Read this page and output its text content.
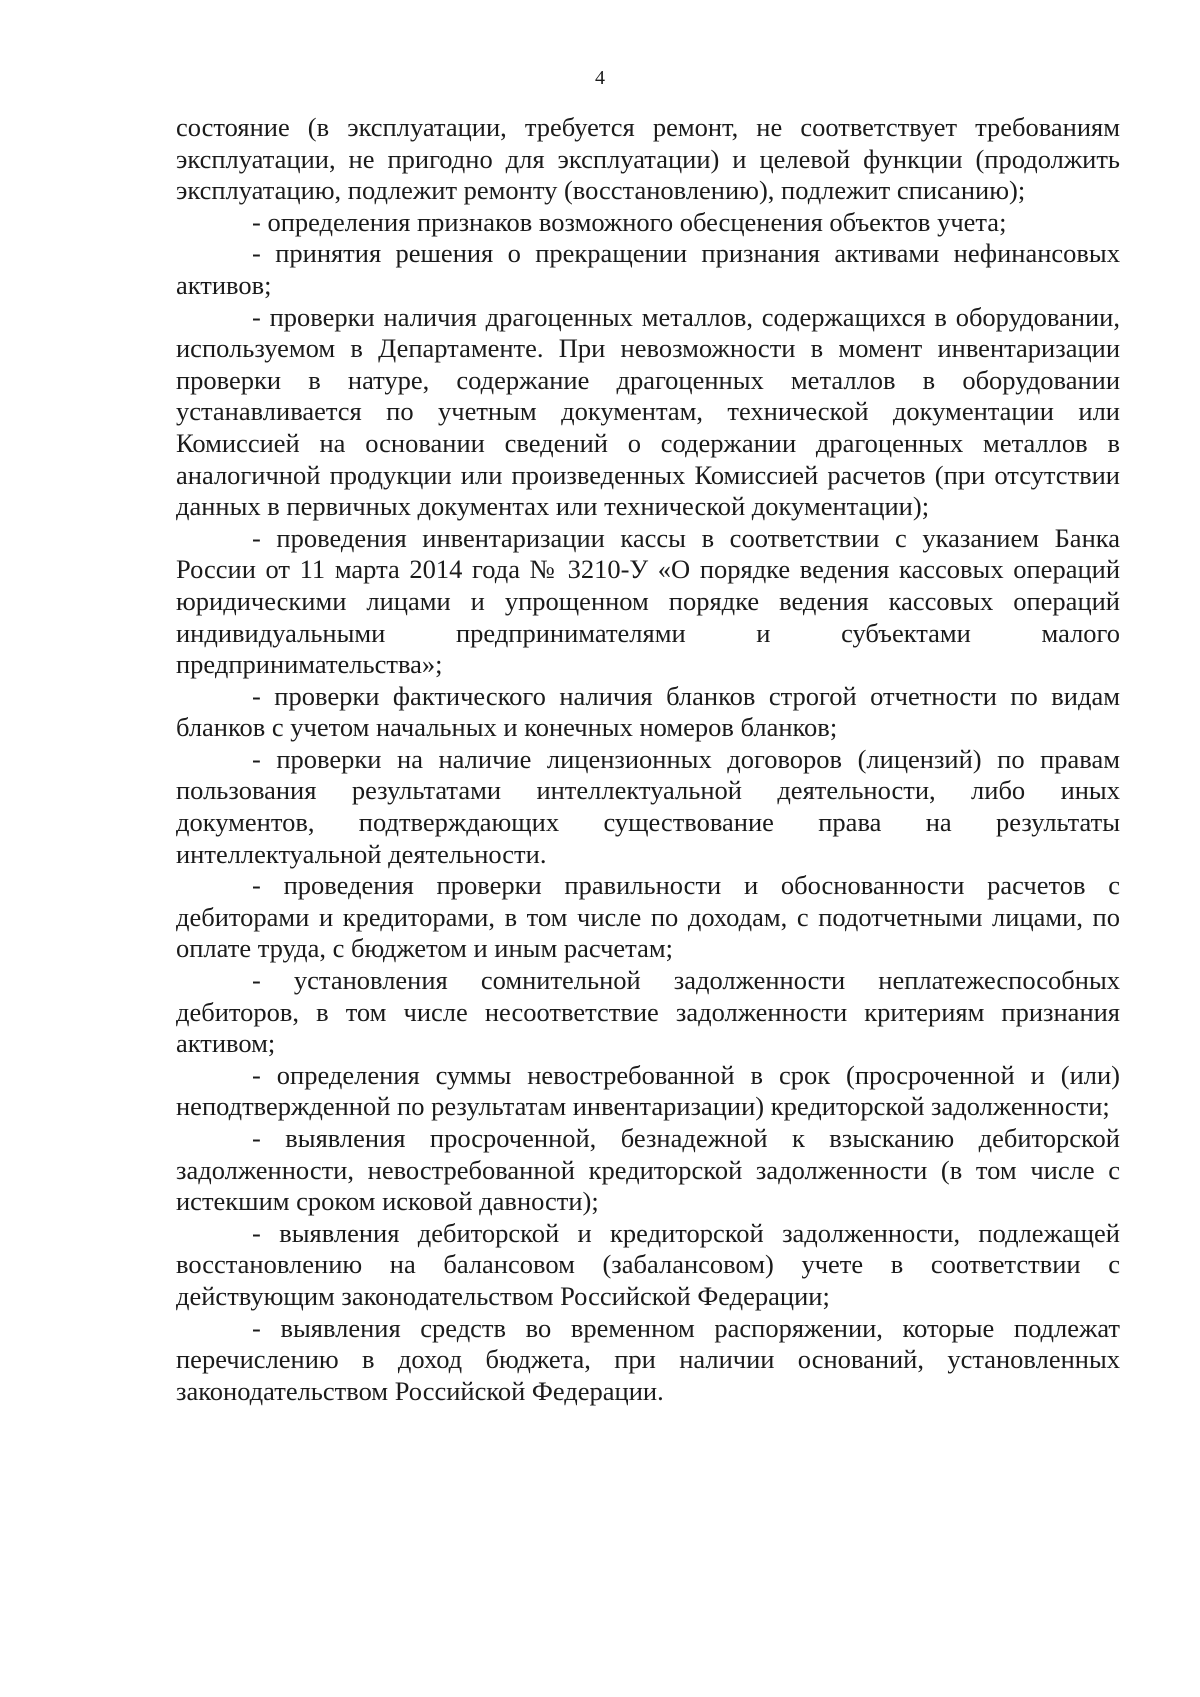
4

состояние (в эксплуатации, требуется ремонт, не соответствует требованиям эксплуатации, не пригодно для эксплуатации) и целевой функции (продолжить эксплуатацию, подлежит ремонту (восстановлению), подлежит списанию);

- определения признаков возможного обесценения объектов учета;

- принятия решения о прекращении признания активами нефинансовых активов;

- проверки наличия драгоценных металлов, содержащихся в оборудовании, используемом в Департаменте. При невозможности в момент инвентаризации проверки в натуре, содержание драгоценных металлов в оборудовании устанавливается по учетным документам, технической документации или Комиссией на основании сведений о содержании драгоценных металлов в аналогичной продукции или произведенных Комиссией расчетов (при отсутствии данных в первичных документах или технической документации);

- проведения инвентаризации кассы в соответствии с указанием Банка России от 11 марта 2014 года № 3210-У «О порядке ведения кассовых операций юридическими лицами и упрощенном порядке ведения кассовых операций индивидуальными предпринимателями и субъектами малого предпринимательства»;

- проверки фактического наличия бланков строгой отчетности по видам бланков с учетом начальных и конечных номеров бланков;

- проверки на наличие лицензионных договоров (лицензий) по правам пользования результатами интеллектуальной деятельности, либо иных документов, подтверждающих существование права на результаты интеллектуальной деятельности.

- проведения проверки правильности и обоснованности расчетов с дебиторами и кредиторами, в том числе по доходам, с подотчетными лицами, по оплате труда, с бюджетом и иным расчетам;

- установления сомнительной задолженности неплатежеспособных дебиторов, в том числе несоответствие задолженности критериям признания активом;

- определения суммы невостребованной в срок (просроченной и (или) неподтвержденной по результатам инвентаризации) кредиторской задолженности;

- выявления просроченной, безнадежной к взысканию дебиторской задолженности, невостребованной кредиторской задолженности (в том числе с истекшим сроком исковой давности);

- выявления дебиторской и кредиторской задолженности, подлежащей восстановлению на балансовом (забалансовом) учете в соответствии с действующим законодательством Российской Федерации;

- выявления средств во временном распоряжении, которые подлежат перечислению в доход бюджета, при наличии оснований, установленных законодательством Российской Федерации.
